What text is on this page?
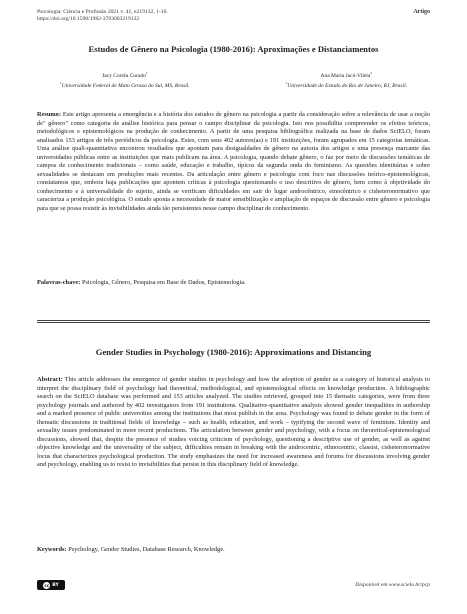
Psicologia: Ciência e Profissão 2021 v. 41, e219132, 1-16.
https://doi.org/10.1590/1982-3703003219132
Artigo
Estudos de Gênero na Psicologia (1980-2016): Aproximações e Distanciamentos
Jacy Corrêa Curado$^1$
$^1$Universidade Federal de Mato Grosso do Sul, MS, Brasil.
Ana Maria Jacó-Vilela$^2$
$^2$Universidade do Estado do Rio de Janeiro, RJ, Brasil.

Resumo: Este artigo apresenta a emergência e a história dos estudos de gênero na psicologia a partir da consideração sobre a relevância de usar a noção de" gênero" como categoria de análise histórica para pensar o campo disciplinar da psicologia. Isto nos possibilita compreender os efeitos teóricos, metodológicos e epistemológicos na produção de conhecimento. A partir de uma pesquisa bibliográfica realizada na base de dados SciELO, foram analisados 153 artigos de três periódicos da psicologia. Estes, com seus 402 autores(as) e 191 instituições, foram agrupados em 15 categorias temáticas. Uma análise quali-quantitativa encontrou resultados que apontam para desigualdades de gênero na autoria dos artigos e uma presença marcante das universidades públicas entre as instituições que mais publicam na área. A psicologia, quando debate gênero, o faz por meio de discussões temáticas de campos de conhecimento tradicionais – como saúde, educação e trabalho, típicos da segunda onda do feminismo. As questões identitárias e sobre sexualidades se destacam em produções mais recentes. Da articulação entre gênero e psicologia com foco nas discussões teórico-epistemológicas, constatamos que, embora haja publicações que apontem críticas à psicologia questionando o uso descritivo de gênero, bem como à objetividade do conhecimento e à universalidade do sujeito, ainda se verificam dificuldades em sair do lugar androcêntrico, etnocêntrico e cisheteronormativo que caracteriza a produção psicológica. O estudo aponta a necessidade de maior sensibilização e ampliação de espaços de discussão entre gênero e psicologia para que se possa resistir às invisibilidades ainda tão persistentes nesse campo disciplinar de conhecimento.

Palavras-chave: Psicologia, Gênero, Pesquisa em Base de Dados, Epistemologia.

Gender Studies in Psychology (1980-2016): Approximations and Distancing

Abstract: This article addresses the emergence of gender studies in psychology and how the adoption of gender as a category of historical analysis to interpret the disciplinary field of psychology had theoretical, methodological, and epistemological effects on knowledge production. A bibliographic search on the SciELO database was performed and 153 articles analyzed. The studies retrieved, grouped into 15 thematic categories, were from three psychology journals and authored by 402 investigators from 191 institutions. Qualitative-quantitative analysis showed gender inequalities in authorship and a marked presence of public universities among the institutions that most publish in the area. Psychology was found to debate gender in the form of thematic discussions in traditional fields of knowledge – such as health, education, and work – typifying the second wave of feminism. Identity and sexuality issues predominated in more recent productions. The articulation between gender and psychology, with a focus on theoretical-epistemological discussions, showed that, despite the presence of studies voicing criticism of psychology, questioning a descriptive use of gender, as well as against objective knowledge and the universality of the subject, difficulties remain in breaking with the androcentric, ethnocentric, classist, cisheteronormative locus that characterizes psychological production. The study emphasizes the need for increased awareness and forums for discussions involving gender and psychology, enabling us to resist to invisibilities that persist in this disciplinary field of knowledge.

Keywords: Psychology, Gender Studies, Database Research, Knowledge.

cc BY	Disponível em www.scielo.br/pcp
